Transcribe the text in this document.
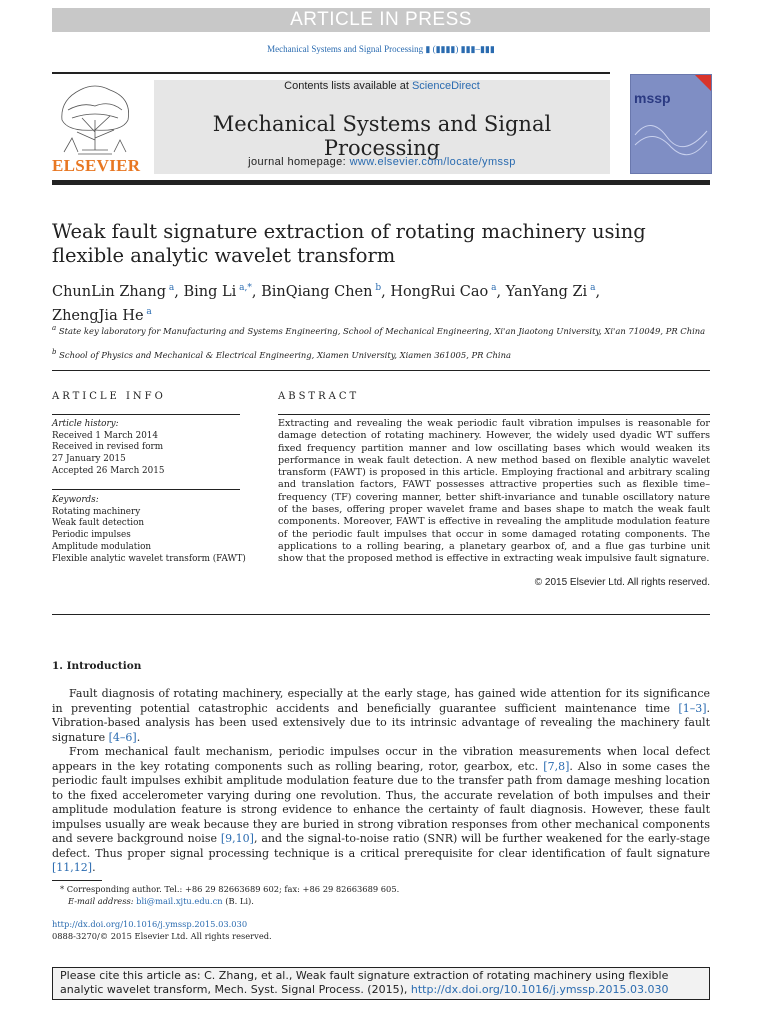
ARTICLE IN PRESS
Mechanical Systems and Signal Processing ▮ (▮▮▮▮) ▮▮▮–▮▮▮
ELSEVIER
Contents lists available at ScienceDirect
Mechanical Systems and Signal Processing
journal homepage: www.elsevier.com/locate/ymssp
mssp
Weak fault signature extraction of rotating machinery using flexible analytic wavelet transform
ChunLin Zhang $^a$, Bing Li $^{a,*}$, BinQiang Chen $^b$, HongRui Cao $^a$, YanYang Zi $^a$,
ZhengJia He $^a$
$^a$ State key laboratory for Manufacturing and Systems Engineering, School of Mechanical Engineering, Xi'an Jiaotong University, Xi'an 710049, PR China
$^b$ School of Physics and Mechanical & Electrical Engineering, Xiamen University, Xiamen 361005, PR China
ARTICLE INFO
Article history:
Received 1 March 2014
Received in revised form
27 January 2015
Accepted 26 March 2015
Keywords:
Rotating machinery
Weak fault detection
Periodic impulses
Amplitude modulation
Flexible analytic wavelet transform (FAWT)
ABSTRACT
Extracting and revealing the weak periodic fault vibration impulses is reasonable for damage detection of rotating machinery. However, the widely used dyadic WT suffers fixed frequency partition manner and low oscillating bases which would weaken its performance in weak fault detection. A new method based on flexible analytic wavelet transform (FAWT) is proposed in this article. Employing fractional and arbitrary scaling and translation factors, FAWT possesses attractive properties such as flexible time–frequency (TF) covering manner, better shift-invariance and tunable oscillatory nature of the bases, offering proper wavelet frame and bases shape to match the weak fault components. Moreover, FAWT is effective in revealing the amplitude modulation feature of the periodic fault impulses that occur in some damaged rotating components. The applications to a rolling bearing, a planetary gearbox of, and a flue gas turbine unit show that the proposed method is effective in extracting weak impulsive fault signature.
© 2015 Elsevier Ltd. All rights reserved.
1. Introduction

Fault diagnosis of rotating machinery, especially at the early stage, has gained wide attention for its significance in preventing potential catastrophic accidents and beneficially guarantee sufficient maintenance time [1–3]. Vibration-based analysis has been used extensively due to its intrinsic advantage of revealing the machinery fault signature [4–6].

From mechanical fault mechanism, periodic impulses occur in the vibration measurements when local defect appears in the key rotating components such as rolling bearing, rotor, gearbox, etc. [7,8]. Also in some cases the periodic fault impulses exhibit amplitude modulation feature due to the transfer path from damage meshing location to the fixed accelerometer varying during one revolution. Thus, the accurate revelation of both impulses and their amplitude modulation feature is strong evidence to enhance the certainty of fault diagnosis. However, these fault impulses usually are weak because they are buried in strong vibration responses from other mechanical components and severe background noise [9,10], and the signal-to-noise ratio (SNR) will be further weakened for the early-stage defect. Thus proper signal processing technique is a critical prerequisite for clear identification of fault signature [11,12].

* Corresponding author. Tel.: +86 29 82663689 602; fax: +86 29 82663689 605.
E-mail address: bli@mail.xjtu.edu.cn (B. Li).
http://dx.doi.org/10.1016/j.ymssp.2015.03.030
0888-3270/© 2015 Elsevier Ltd. All rights reserved.
Please cite this article as: C. Zhang, et al., Weak fault signature extraction of rotating machinery using flexible analytic wavelet transform, Mech. Syst. Signal Process. (2015), http://dx.doi.org/10.1016/j.ymssp.2015.03.030
